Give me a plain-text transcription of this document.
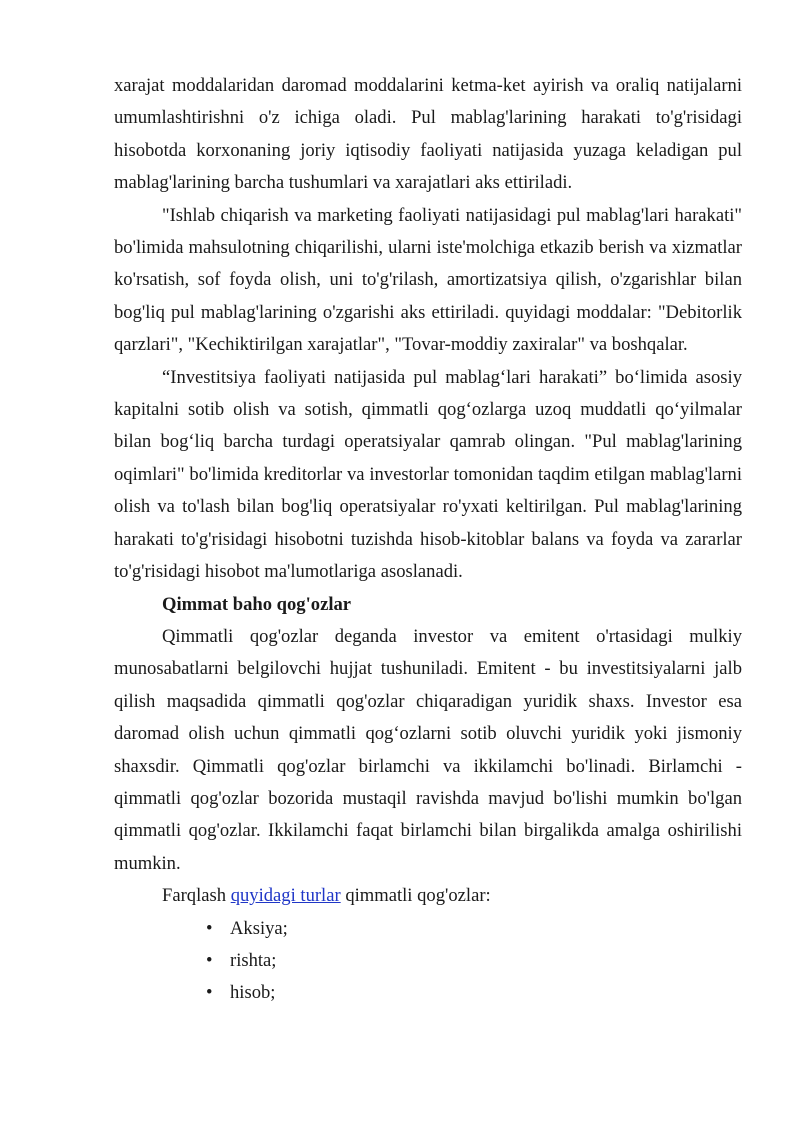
xarajat moddalaridan daromad moddalarini ketma-ket ayirish va oraliq natijalarni umumlashtirishni o'z ichiga oladi. Pul mablag'larining harakati to'g'risidagi hisobotda korxonaning joriy iqtisodiy faoliyati natijasida yuzaga keladigan pul mablag'larining barcha tushumlari va xarajatlari aks ettiriladi.

"Ishlab chiqarish va marketing faoliyati natijasidagi pul mablag'lari harakati" bo'limida mahsulotning chiqarilishi, ularni iste'molchiga etkazib berish va xizmatlar ko'rsatish, sof foyda olish, uni to'g'rilash, amortizatsiya qilish, o'zgarishlar bilan bog'liq pul mablag'larining o'zgarishi aks ettiriladi. quyidagi moddalar: "Debitorlik qarzlari", "Kechiktirilgan xarajatlar", "Tovar-moddiy zaxiralar" va boshqalar.

“Investitsiya faoliyati natijasida pul mablag‘lari harakati” bo‘limida asosiy kapitalni sotib olish va sotish, qimmatli qog‘ozlarga uzoq muddatli qo‘yilmalar bilan bog‘liq barcha turdagi operatsiyalar qamrab olingan. "Pul mablag'larining oqimlari" bo'limida kreditorlar va investorlar tomonidan taqdim etilgan mablag'larni olish va to'lash bilan bog'liq operatsiyalar ro'yxati keltirilgan. Pul mablag'larining harakati to'g'risidagi hisobotni tuzishda hisob-kitoblar balans va foyda va zararlar to'g'risidagi hisobot ma'lumotlariga asoslanadi.

Qimmat baho qog'ozlar

Qimmatli qog'ozlar deganda investor va emitent o'rtasidagi mulkiy munosabatlarni belgilovchi hujjat tushuniladi. Emitent - bu investitsiyalarni jalb qilish maqsadida qimmatli qog'ozlar chiqaradigan yuridik shaxs. Investor esa daromad olish uchun qimmatli qog‘ozlarni sotib oluvchi yuridik yoki jismoniy shaxsdir. Qimmatli qog'ozlar birlamchi va ikkilamchi bo'linadi. Birlamchi - qimmatli qog'ozlar bozorida mustaqil ravishda mavjud bo'lishi mumkin bo'lgan qimmatli qog'ozlar. Ikkilamchi faqat birlamchi bilan birgalikda amalga oshirilishi mumkin.

Farqlash quyidagi turlar qimmatli qog'ozlar:

• Aksiya;
• rishta;
• hisob;
